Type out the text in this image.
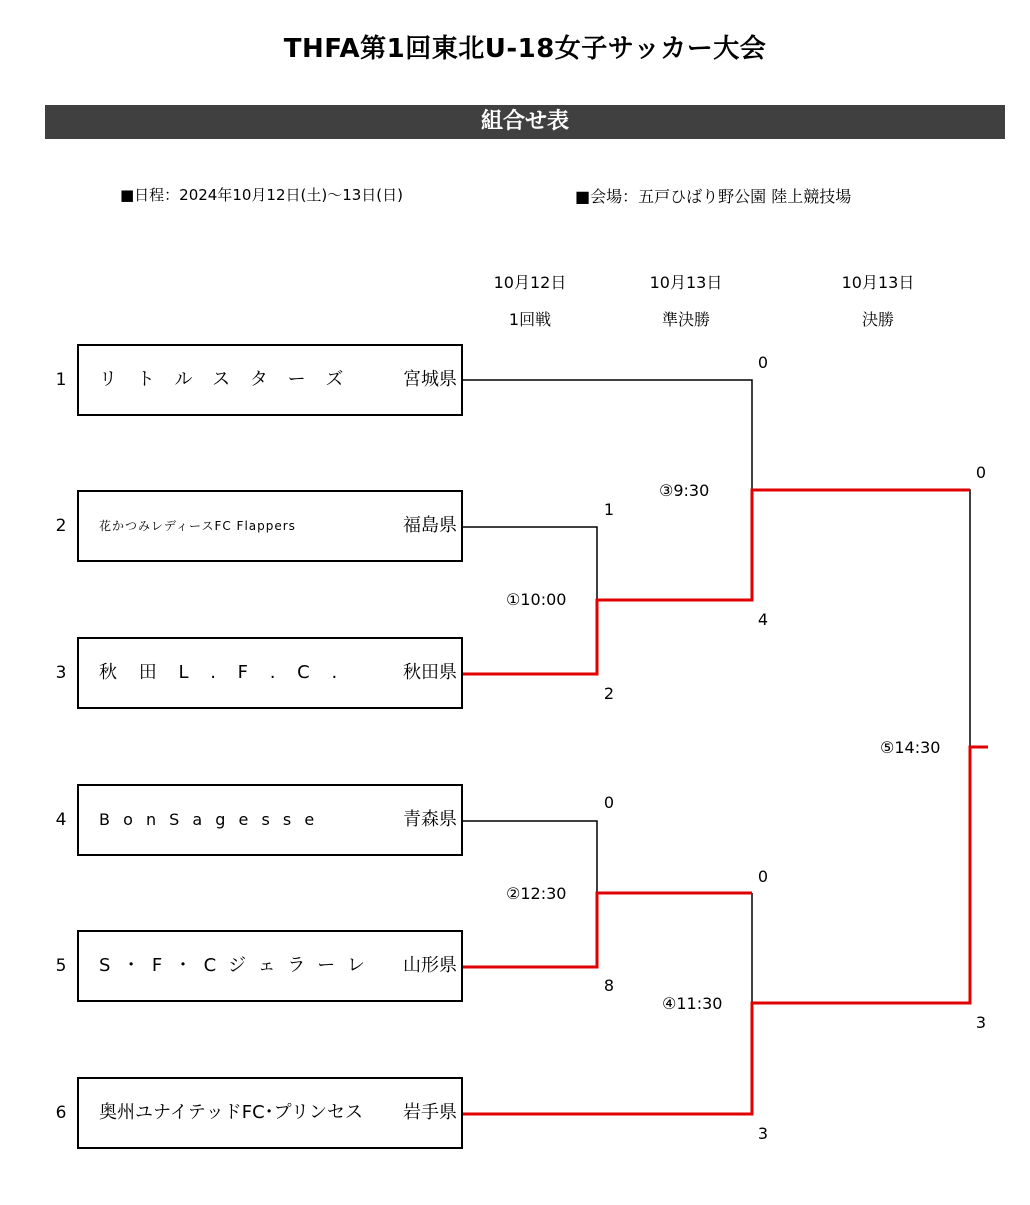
THFA第1回東北U-18女子サッカー大会
組合せ表
■日程：2024年10月12日(土)～13日(日)	■会場：五戸ひばり野公園 陸上競技場
10月12日
1回戦
10月13日
準決勝
10月13日
決勝
1	リ ト ル ス タ ー ズ	宮城県
2	花かつみレディースFC Flappers	福島県
3	秋 田 L . F . C .	秋田県
4	B o n S a g e s s e	青森県
5	S ・ F ・ C ジ ェ ラ ー レ 山形県
6	奥州ユナイテッドFC･プリンセス 岩手県
1
2
①10:00
0
8
②12:30
0
4
③9:30
0
3
④11:30
0
3
⑤14:30
